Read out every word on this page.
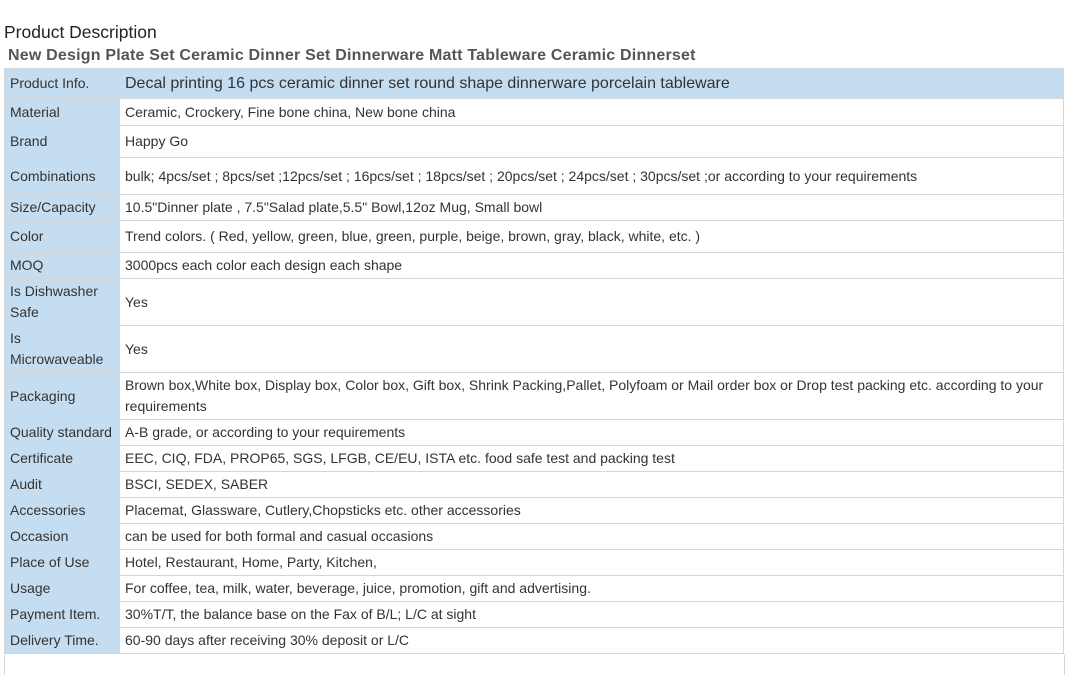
Product Description
New Design Plate Set Ceramic Dinner Set Dinnerware Matt Tableware Ceramic Dinnerset
Product Info.	Decal printing 16 pcs ceramic dinner set round shape dinnerware porcelain tableware
Material	Ceramic, Crockery, Fine bone china, New bone china
Brand	Happy Go
Combinations	bulk; 4pcs/set ; 8pcs/set ;12pcs/set ; 16pcs/set ; 18pcs/set ; 20pcs/set ; 24pcs/set ; 30pcs/set ;or according to your requirements
Size/Capacity	10.5"Dinner plate , 7.5"Salad plate,5.5" Bowl,12oz Mug, Small bowl
Color	Trend colors. ( Red, yellow, green, blue, green, purple, beige, brown, gray, black, white, etc. )
MOQ	3000pcs each color each design each shape
Is Dishwasher Safe	Yes
Is Microwaveable	Yes
Packaging	Brown box,White box, Display box, Color box, Gift box, Shrink Packing,Pallet, Polyfoam or Mail order box or Drop test packing etc. according to your requirements
Quality standard	A-B grade, or according to your requirements
Certificate	EEC, CIQ, FDA, PROP65, SGS, LFGB, CE/EU, ISTA etc. food safe test and packing test
Audit	BSCI, SEDEX, SABER
Accessories	Placemat, Glassware, Cutlery,Chopsticks etc. other accessories
Occasion	can be used for both formal and casual occasions
Place of Use	Hotel, Restaurant, Home, Party, Kitchen,
Usage	For coffee, tea, milk, water, beverage, juice, promotion, gift and advertising.
Payment Item.	30%T/T, the balance base on the Fax of B/L; L/C at sight
Delivery Time.	60-90 days after receiving 30% deposit or L/C
